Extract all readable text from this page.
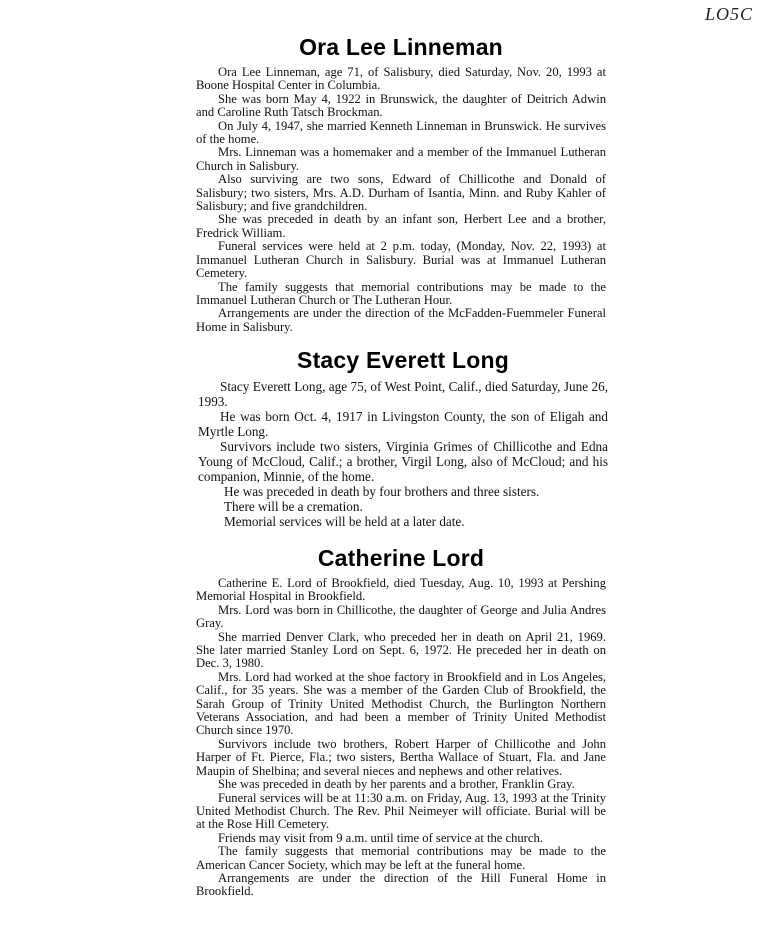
LO5C
Ora Lee Linneman

Ora Lee Linneman, age 71, of Salisbury, died Saturday, Nov. 20, 1993 at Boone Hospital Center in Columbia.

She was born May 4, 1922 in Brunswick, the daughter of Deitrich Adwin and Caroline Ruth Tatsch Brockman.

On July 4, 1947, she married Kenneth Linneman in Brunswick. He survives of the home.

Mrs. Linneman was a homemaker and a member of the Immanuel Lutheran Church in Salisbury.

Also surviving are two sons, Edward of Chillicothe and Donald of Salisbury; two sisters, Mrs. A.D. Durham of Isantia, Minn. and Ruby Kahler of Salisbury; and five grandchildren.

She was preceded in death by an infant son, Herbert Lee and a brother, Fredrick William.

Funeral services were held at 2 p.m. today, (Monday, Nov. 22, 1993) at Immanuel Lutheran Church in Salisbury. Burial was at Immanuel Lutheran Cemetery.

The family suggests that memorial contributions may be made to the Immanuel Lutheran Church or The Lutheran Hour.

Arrangements are under the direction of the McFadden-Fuemmeler Funeral Home in Salisbury.

Stacy Everett Long

Stacy Everett Long, age 75, of West Point, Calif., died Saturday, June 26, 1993.

He was born Oct. 4, 1917 in Livingston County, the son of Eligah and Myrtle Long.

Survivors include two sisters, Virginia Grimes of Chillicothe and Edna Young of McCloud, Calif.; a brother, Virgil Long, also of McCloud; and his companion, Minnie, of the home.

He was preceded in death by four brothers and three sisters.

There will be a cremation.

Memorial services will be held at a later date.

Catherine Lord

Catherine E. Lord of Brookfield, died Tuesday, Aug. 10, 1993 at Pershing Memorial Hospital in Brookfield.

Mrs. Lord was born in Chillicothe, the daughter of George and Julia Andres Gray.

She married Denver Clark, who preceded her in death on April 21, 1969. She later married Stanley Lord on Sept. 6, 1972. He preceded her in death on Dec. 3, 1980.

Mrs. Lord had worked at the shoe factory in Brookfield and in Los Angeles, Calif., for 35 years. She was a member of the Garden Club of Brookfield, the Sarah Group of Trinity United Methodist Church, the Burlington Northern Veterans Association, and had been a member of Trinity United Methodist Church since 1970.

Survivors include two brothers, Robert Harper of Chillicothe and John Harper of Ft. Pierce, Fla.; two sisters, Bertha Wallace of Stuart, Fla. and Jane Maupin of Shelbina; and several nieces and nephews and other relatives.

She was preceded in death by her parents and a brother, Franklin Gray.

Funeral services will be at 11:30 a.m. on Friday, Aug. 13, 1993 at the Trinity United Methodist Church. The Rev. Phil Neimeyer will officiate. Burial will be at the Rose Hill Cemetery.

Friends may visit from 9 a.m. until time of service at the church.

The family suggests that memorial contributions may be made to the American Cancer Society, which may be left at the funeral home.

Arrangements are under the direction of the Hill Funeral Home in Brookfield.
